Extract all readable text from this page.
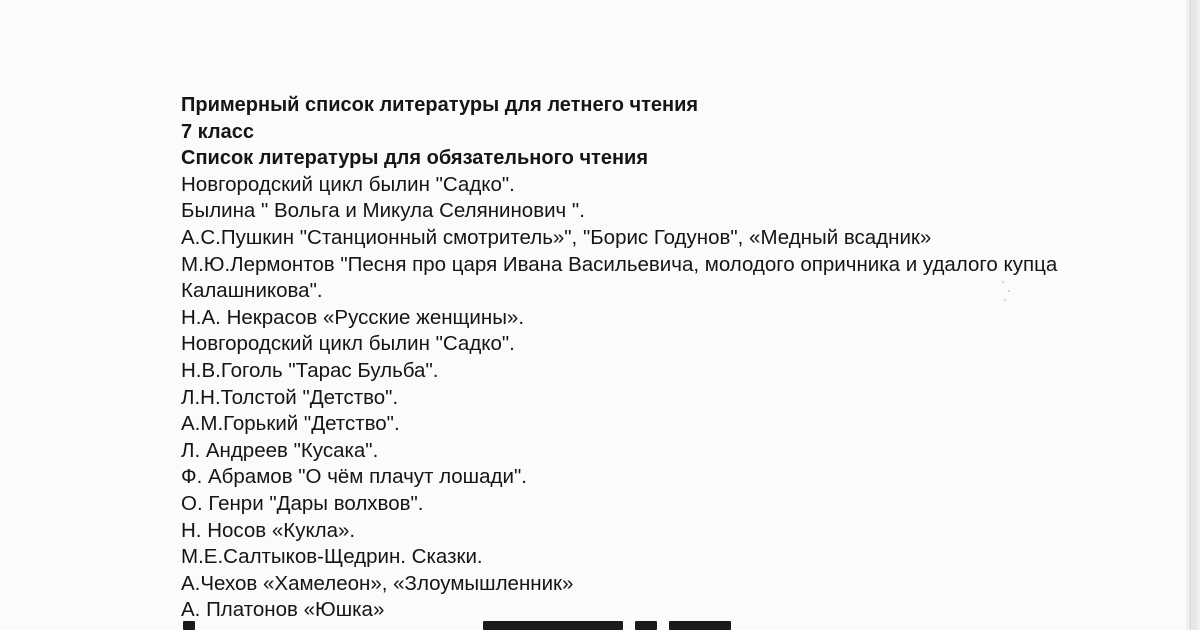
Примерный список литературы для летнего чтения
7 класс
Список литературы для обязательного чтения
Новгородский цикл былин "Садко".
Былина " Вольга и Микула Селянинович ".
А.С.Пушкин "Станционный смотритель»", "Борис Годунов", «Медный всадник»
М.Ю.Лермонтов "Песня про царя Ивана Васильевича, молодого опричника и удалого купца Калашникова".
Н.А. Некрасов «Русские женщины».
Новгородский цикл былин "Садко".
Н.В.Гоголь "Тарас Бульба".
Л.Н.Толстой "Детство".
А.М.Горький "Детство".
Л. Андреев "Кусака".
Ф. Абрамов "О чём плачут лошади".
О. Генри "Дары волхвов".
Н. Носов «Кукла».
М.Е.Салтыков-Щедрин. Сказки.
А.Чехов «Хамелеон», «Злоумышленник»
А. Платонов «Юшка»
